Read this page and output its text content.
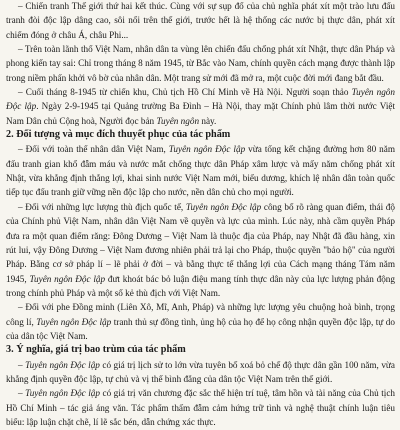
– Chiến tranh Thế giới thứ hai kết thúc. Cùng với sự sụp đổ của chủ nghĩa phát xít một trào lưu đấu tranh đòi độc lập dâng cao, sôi nổi trên thế giới, trước hết là hệ thống các nước bị thực dân, phát xít chiếm đóng ở châu Á, châu Phi...

– Trên toàn lãnh thổ Việt Nam, nhân dân ta vùng lên chiến đấu chống phát xít Nhật, thực dân Pháp và phong kiến tay sai: Chỉ trong tháng 8 năm 1945, từ Bắc vào Nam, chính quyền cách mạng được thành lập trong niềm phấn khởi vô bờ của nhân dân. Một trang sử mới đã mở ra, một cuộc đời mới đang bắt đầu.

– Cuối tháng 8-1945 từ chiến khu, Chủ tịch Hồ Chí Minh về Hà Nội. Người soạn thảo Tuyên ngôn Độc lập. Ngày 2-9-1945 tại Quảng trường Ba Đình – Hà Nội, thay mặt Chính phủ lâm thời nước Việt Nam Dân chủ Cộng hoà, Người đọc bản Tuyên ngôn này.

2. Đối tượng và mục đích thuyết phục của tác phẩm

– Đối với toàn thể nhân dân Việt Nam, Tuyên ngôn Độc lập vừa tổng kết chặng đường hơn 80 năm đấu tranh gian khổ đẫm máu và nước mắt chống thực dân Pháp xâm lược và mấy năm chống phát xít Nhật, vừa khẳng định thắng lợi, khai sinh nước Việt Nam mới, biểu dương, khích lệ nhân dân toàn quốc tiếp tục đấu tranh giữ vững nền độc lập cho nước, nền dân chủ cho mọi người.

– Đối với những lực lượng thù địch quốc tế, Tuyên ngôn Độc lập công bố rõ ràng quan điểm, thái độ của Chính phủ Việt Nam, nhân dân Việt Nam về quyền và lực của mình. Lúc này, nhà cầm quyền Pháp đưa ra một quan điểm răng: Đông Dương – Việt Nam là thuộc địa của Pháp, nay Nhật đã đầu hàng, xin rút lui, vậy Đông Dương – Việt Nam đương nhiên phải trả lại cho Pháp, thuộc quyền "bảo hộ" của người Pháp. Bằng cơ sở pháp lí – lẽ phải ở đời – và bằng thực tế thắng lợi của Cách mạng tháng Tám năm 1945, Tuyên ngôn Độc lập đưt khoát bác bỏ luận điệu mang tính thực dân này của lực lượng phản động trong chính phủ Pháp và một số kẻ thù địch với Việt Nam.

– Đối với phe Đồng minh (Liên Xô, Mĩ, Anh, Pháp) và những lực lượng yêu chuộng hoà bình, trọng công lí, Tuyên ngôn Độc lập tranh thủ sự đồng tình, ủng hộ của họ để họ công nhận quyền độc lập, tự do của dân tộc Việt Nam.

3. Ý nghĩa, giá trị bao trùm của tác phẩm

– Tuyên ngôn Độc lập có giá trị lịch sử to lớn vừa tuyên bố xoá bỏ chế độ thực dân gần 100 năm, vừa khẳng định quyền độc lập, tự chủ và vị thế bình đẳng của dân tộc Việt Nam trên thế giới.

– Tuyên ngôn Độc lập có giá trị văn chương đặc sắc thể hiện trí tuệ, tâm hồn và tài năng của Chủ tịch Hồ Chí Minh – tác giả áng văn. Tác phẩm thấm đẫm cảm hứng trữ tình và nghệ thuật chính luận tiêu biểu: lập luận chặt chẽ, lí lẽ sắc bén, dẫn chứng xác thực.
